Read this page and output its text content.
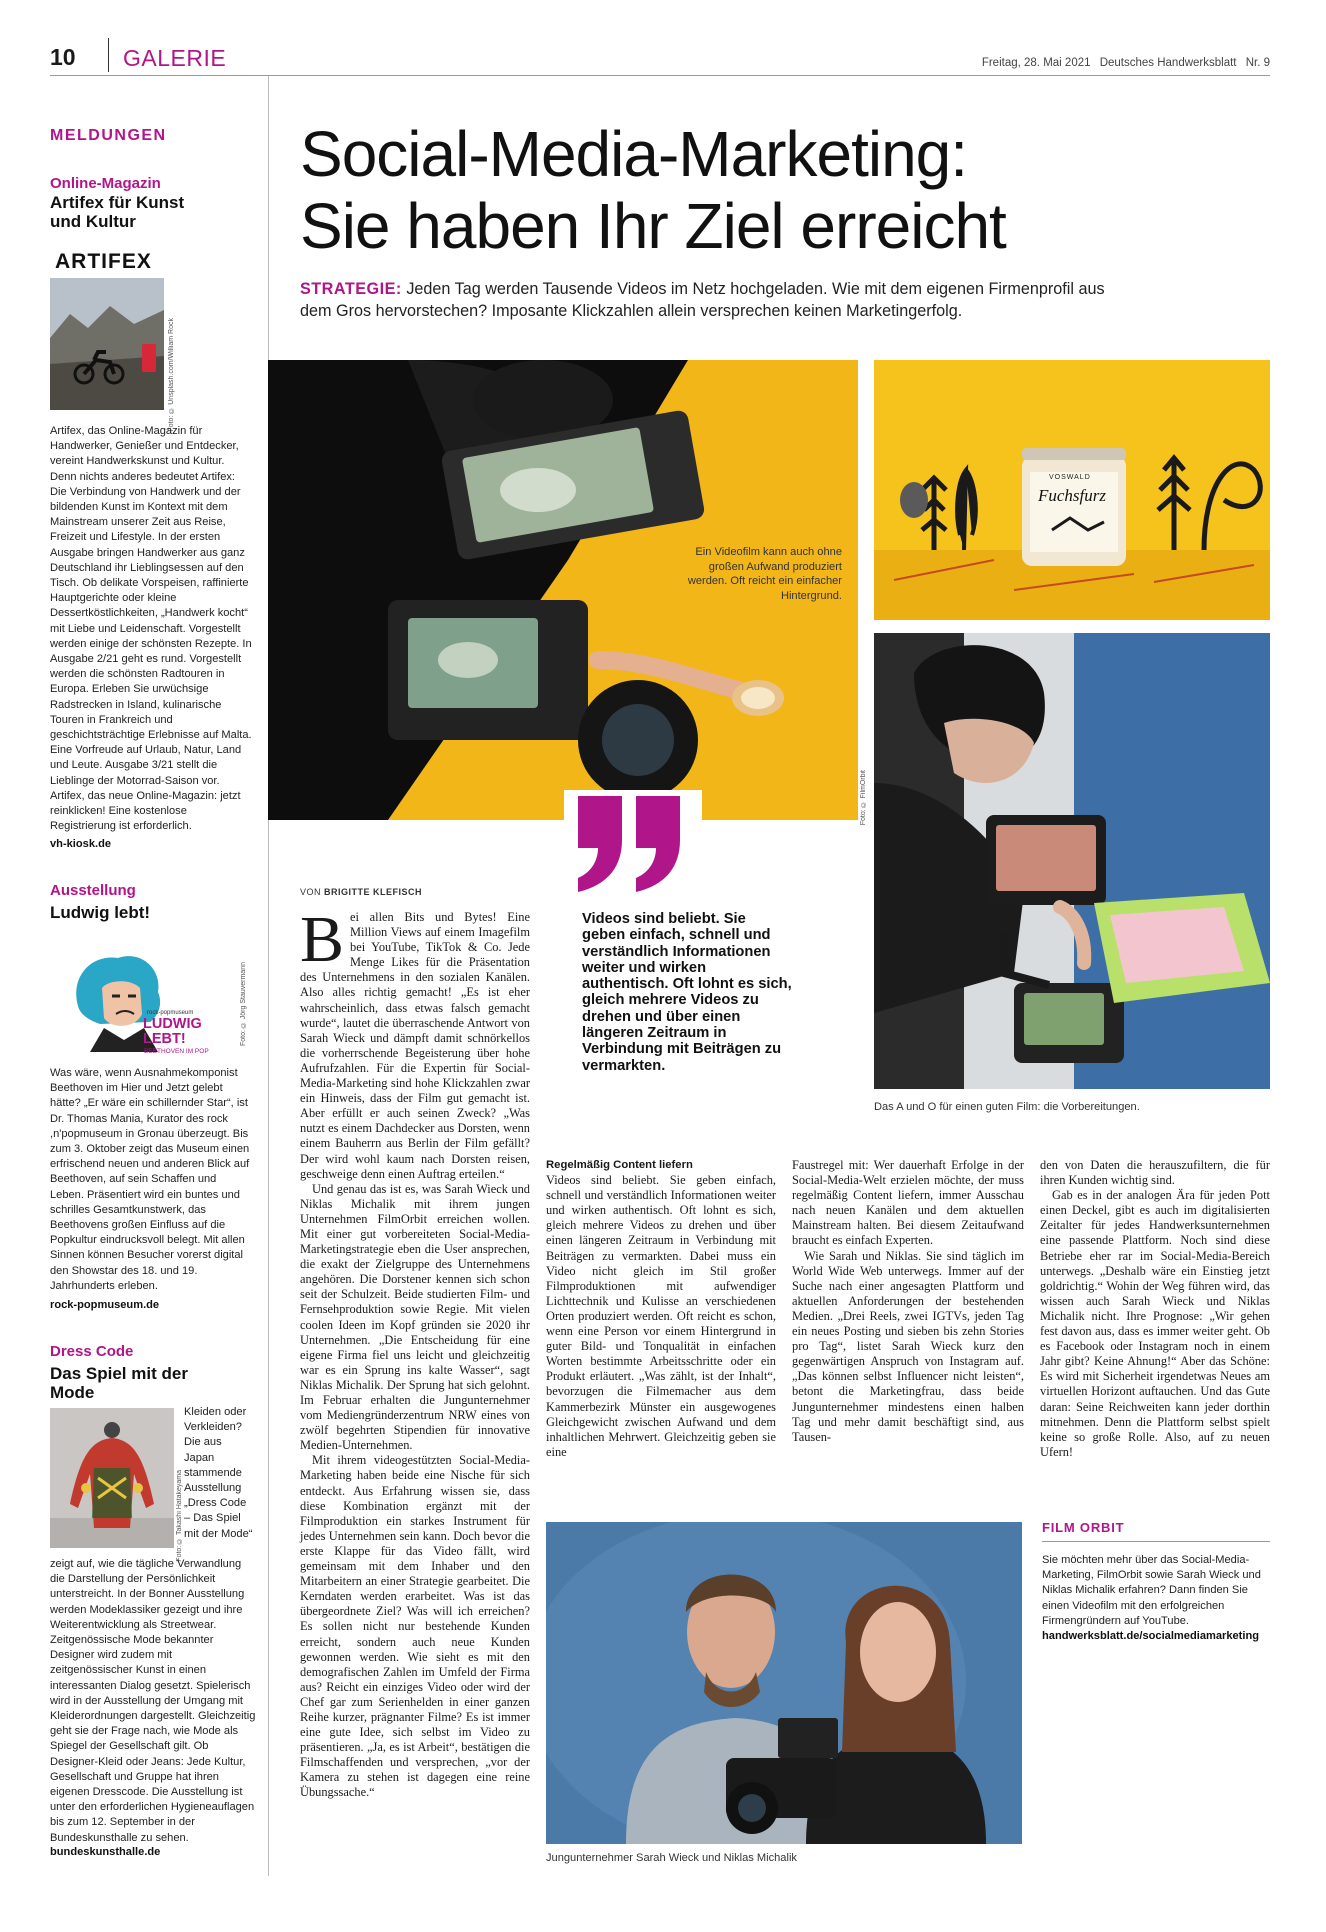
10 GALERIE	Freitag, 28. Mai 2021 Deutsches Handwerksblatt Nr. 9
MELDUNGEN
Online-Magazin
Artifex für Kunst und Kultur
ARTIFEX
Foto: © Unsplash.com/William Rock
Artifex, das Online-Magazin für Handwerker, Genießer und Entdecker, vereint Handwerkskunst und Kultur. Denn nichts anderes bedeutet Artifex: Die Verbindung von Handwerk und der bildenden Kunst im Kontext mit dem Mainstream unserer Zeit aus Reise, Freizeit und Lifestyle. In der ersten Ausgabe bringen Handwerker aus ganz Deutschland ihr Lieblingsessen auf den Tisch. Ob delikate Vorspeisen, raffinierte Hauptgerichte oder kleine Dessertköstlichkeiten, „Handwerk kocht“ mit Liebe und Leidenschaft. Vorgestellt werden einige der schönsten Rezepte. In Ausgabe 2/21 geht es rund. Vorgestellt werden die schönsten Radtouren in Europa. Erleben Sie urwüchsige Radstrecken in Island, kulinarische Touren in Frankreich und geschichtsträchtige Erlebnisse auf Malta. Eine Vorfreude auf Urlaub, Natur, Land und Leute. Ausgabe 3/21 stellt die Lieblinge der Motorrad-Saison vor. Artifex, das neue Online-Magazin: jetzt reinklicken! Eine kostenlose Registrierung ist erforderlich.
vh-kiosk.de
Ausstellung
Ludwig lebt!
rock-popmuseum
LUDWIG LEBT!
BEETHOVEN IM POP
Foto: © Jörg Stauvermann
Was wäre, wenn Ausnahmekomponist Beethoven im Hier und Jetzt gelebt hätte? „Er wäre ein schillernder Star“, ist Dr. Thomas Mania, Kurator des rock ,n'popmuseum in Gronau überzeugt. Bis zum 3. Oktober zeigt das Museum einen erfrischend neuen und anderen Blick auf Beethoven, auf sein Schaffen und Leben. Präsentiert wird ein buntes und schrilles Gesamtkunstwerk, das Beethovens großen Einfluss auf die Popkultur eindrucksvoll belegt. Mit allen Sinnen können Besucher vorerst digital den Showstar des 18. und 19. Jahrhunderts erleben.
rock-popmuseum.de
Dress Code
Das Spiel mit der Mode
Foto: © Takashi Hatakeyama
Kleiden oder Verkleiden? Die aus Japan stammende Ausstellung „Dress Code – Das Spiel mit der Mode“
zeigt auf, wie die tägliche Verwandlung die Darstellung der Persönlichkeit unterstreicht. In der Bonner Ausstellung werden Modeklassiker gezeigt und ihre Weiterentwicklung als Streetwear. Zeitgenössische Mode bekannter Designer wird zudem mit zeitgenössischer Kunst in einen interessanten Dialog gesetzt. Spielerisch wird in der Ausstellung der Umgang mit Kleiderordnungen dargestellt. Gleichzeitig geht sie der Frage nach, wie Mode als Spiegel der Gesellschaft gilt. Ob Designer-Kleid oder Jeans: Jede Kultur, Gesellschaft und Gruppe hat ihren eigenen Dresscode. Die Ausstellung ist unter den erforderlichen Hygieneauflagen bis zum 12. September in der Bundeskunsthalle zu sehen.
bundeskunsthalle.de
Social-Media-Marketing:
Sie haben Ihr Ziel erreicht
STRATEGIE: Jeden Tag werden Tausende Videos im Netz hochgeladen. Wie mit dem eigenen Firmenprofil aus dem Gros hervorstechen? Imposante Klickzahlen allein versprechen keinen Marketingerfolg.
Ein Videofilm kann auch ohne großen Aufwand produziert werden. Oft reicht ein einfacher Hintergrund.
VOSWALD
Fuchsfurz
Foto: © FilmOrbit
Das A und O für einen guten Film: die Vorbereitungen.
Videos sind beliebt. Sie geben einfach, schnell und verständlich Informationen weiter und wirken authentisch. Oft lohnt es sich, gleich mehrere Videos zu drehen und über einen längeren Zeitraum in Verbindung mit Beiträgen zu vermarkten.
VON BRIGITTE KLEFISCH
Bei allen Bits und Bytes! Eine Million Views auf einem Imagefilm bei YouTube, TikTok & Co. Jede Menge Likes für die Präsentation des Unternehmens in den sozialen Kanälen. Also alles richtig gemacht! „Es ist eher wahrscheinlich, dass etwas falsch gemacht wurde“, lautet die überraschende Antwort von Sarah Wieck und dämpft damit schnörkellos die vorherrschende Begeisterung über hohe Aufrufzahlen. Für die Expertin für Social-Media-Marketing sind hohe Klickzahlen zwar ein Hinweis, dass der Film gut gemacht ist. Aber erfüllt er auch seinen Zweck? „Was nutzt es einem Dachdecker aus Dorsten, wenn einem Bauherrn aus Berlin der Film gefällt? Der wird wohl kaum nach Dorsten reisen, geschweige denn einen Auftrag erteilen.“
Und genau das ist es, was Sarah Wieck und Niklas Michalik mit ihrem jungen Unternehmen FilmOrbit erreichen wollen. Mit einer gut vorbereiteten Social-Media-Marketingstrategie eben die User ansprechen, die exakt der Zielgruppe des Unternehmens angehören. Die Dorstener kennen sich schon seit der Schulzeit. Beide studierten Film- und Fernsehproduktion sowie Regie. Mit vielen coolen Ideen im Kopf gründen sie 2020 ihr Unternehmen. „Die Entscheidung für eine eigene Firma fiel uns leicht und gleichzeitig war es ein Sprung ins kalte Wasser“, sagt Niklas Michalik. Der Sprung hat sich gelohnt. Im Februar erhalten die Jungunternehmer vom Mediengründerzentrum NRW eines von zwölf begehrten Stipendien für innovative Medien-Unternehmen.
Mit ihrem videogestützten Social-Media-Marketing haben beide eine Nische für sich entdeckt. Aus Erfahrung wissen sie, dass diese Kombination ergänzt mit der Filmproduktion ein starkes Instrument für jedes Unternehmen sein kann. Doch bevor die erste Klappe für das Video fällt, wird gemeinsam mit dem Inhaber und den Mitarbeitern an einer Strategie gearbeitet. Die Kerndaten werden erarbeitet. Was ist das übergeordnete Ziel? Was will ich erreichen? Es sollen nicht nur bestehende Kunden erreicht, sondern auch neue Kunden gewonnen werden. Wie sieht es mit den demografischen Zahlen im Umfeld der Firma aus? Reicht ein einziges Video oder wird der Chef gar zum Serienhelden in einer ganzen Reihe kurzer, prägnanter Filme? Es ist immer eine gute Idee, sich selbst im Video zu präsentieren. „Ja, es ist Arbeit“, bestätigen die Filmschaffenden und versprechen, „vor der Kamera zu stehen ist dagegen eine reine Übungssache.“
Regelmäßig Content liefern
Videos sind beliebt. Sie geben einfach, schnell und verständlich Informationen weiter und wirken authentisch. Oft lohnt es sich, gleich mehrere Videos zu drehen und über einen längeren Zeitraum in Verbindung mit Beiträgen zu vermarkten. Dabei muss ein Video nicht gleich im Stil großer Filmproduktionen mit aufwendiger Lichttechnik und Kulisse an verschiedenen Orten produziert werden. Oft reicht es schon, wenn eine Person vor einem Hintergrund in guter Bild- und Tonqualität in einfachen Worten bestimmte Arbeitsschritte oder ein Produkt erläutert. „Was zählt, ist der Inhalt“, bevorzugen die Filmemacher aus dem Kammerbezirk Münster ein ausgewogenes Gleichgewicht zwischen Aufwand und dem inhaltlichen Mehrwert. Gleichzeitig geben sie eine
Faustregel mit: Wer dauerhaft Erfolge in der Social-Media-Welt erzielen möchte, der muss regelmäßig Content liefern, immer Ausschau nach neuen Kanälen und dem aktuellen Mainstream halten. Bei diesem Zeitaufwand braucht es einfach Experten.
Wie Sarah und Niklas. Sie sind täglich im World Wide Web unterwegs. Immer auf der Suche nach einer angesagten Plattform und aktuellen Anforderungen der bestehenden Medien. „Drei Reels, zwei IGTVs, jeden Tag ein neues Posting und sieben bis zehn Stories pro Tag“, listet Sarah Wieck kurz den gegenwärtigen Anspruch von Instagram auf. „Das können selbst Influencer nicht leisten“, betont die Marketingfrau, dass beide Jungunternehmer mindestens einen halben Tag und mehr damit beschäftigt sind, aus Tausen-
den von Daten die herauszufiltern, die für ihren Kunden wichtig sind.
Gab es in der analogen Ära für jeden Pott einen Deckel, gibt es auch im digitalisierten Zeitalter für jedes Handwerksunternehmen eine passende Plattform. Noch sind diese Betriebe eher rar im Social-Media-Bereich unterwegs. „Deshalb wäre ein Einstieg jetzt goldrichtig.“ Wohin der Weg führen wird, das wissen auch Sarah Wieck und Niklas Michalik nicht. Ihre Prognose: „Wir gehen fest davon aus, dass es immer weiter geht. Ob es Facebook oder Instagram noch in einem Jahr gibt? Keine Ahnung!“ Aber das Schöne: Es wird mit Sicherheit irgendetwas Neues am virtuellen Horizont auftauchen. Und das Gute daran: Seine Reichweiten kann jeder dorthin mitnehmen. Denn die Plattform selbst spielt keine so große Rolle. Also, auf zu neuen Ufern!
Jungunternehmer Sarah Wieck und Niklas Michalik
FILM ORBIT
Sie möchten mehr über das Social-Media-Marketing, FilmOrbit sowie Sarah Wieck und Niklas Michalik erfahren? Dann finden Sie einen Videofilm mit den erfolgreichen Firmengründern auf YouTube.
handwerksblatt.de/socialmediamarketing
